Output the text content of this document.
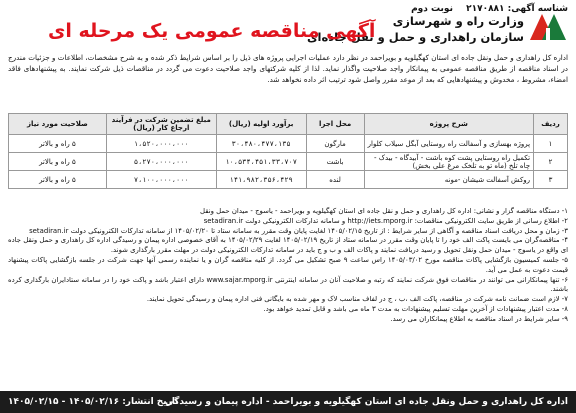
شناسه آگهی: ۲۱۷۰۸۸۱ نوبت دوم
وزارت راه و شهرسازی
سازمان راهداری و حمل و نقل جاده‌ای
آگهی مناقصه عمومی یک مرحله ای
اداره کل راهداری و حمل ونقل جاده ای استان کهگیلویه و بویراحمد در نظر دارد عملیات اجرایی پروژه های ذیل را بر اساس شرایط ذکر شده و به شرح مشخصات، اطلاعات و جزئیات مندرج در اسناد مناقصه از طریق مناقصه عمومی به پیمانکار واجد صلاحیت واگذار نماید. لذا از کلیه شرکتهای واجد صلاحیت دعوت می گردد در مناقصات ذیل شرکت نمایند. به پیشنهادهای فاقد امضاء، مشروط ، مخدوش و پیشنهادهایی که بعد از موعد مقرر واصل شود ترتیب اثر داده نخواهد شد.
ردیف	شرح پروژه	محل اجرا	برآورد اولیه (ریال)	مبلغ تضمین شرکت در فرآیند ارجاع کار (ریال)	صلاحیت مورد نیاز
۱	پروژه بهسازی و آسفالت راه روستایی آبگل سیلاب کلوار	مارگون	۳۰،۴۸۰،۴۷۷،۱۳۵	۱،۵۲۰،۰۰۰،۰۰۰	۵ راه و بالاتر
۲	تکمیل راه روستایی پشت کوه باشت - آبیدگاه - بیدک - چاه تلخ (ماه تو به تلخک مرغ علی بخش)	باشت	۱۰،۵۳۴،۴۵۱،۳۳،۷۰۷	۵،۲۷۰،۰۰۰،۰۰۰	۵ راه و بالاتر
۳	روکش آسفالت شیشان -مونه	لنده	۱۴۱،۹۸۲،۳۵۶،۴۲۹	۷،۱۰۰،۰۰۰،۰۰۰	۵ راه و بالاتر

۱- دستگاه مناقصه گزار و نشانی: اداره کل راهداری و حمل و نقل جاده ای استان کهگیلویه و بویراحمد - یاسوج - میدان حمل ونقل

۲- اطلاع رسانی از طریق سایت الکترونیکی مناقصات: http://iets.mporg.ir و سامانه تدارکات الکترونیکی دولت setadiran.ir

۳- زمان و محل دریافت اسناد مناقصه و آگاهی از سایر شرایط : از تاریخ ۱۴۰۵/۰۲/۱۵ لغایت پایان وقت مقرر به سامانه ستاد تا ۱۴۰۵/۰۲/۲۰ از سامانه تدارکات الکترونیکی دولت setadiran.ir

۴- مناقصه‌گران می بایست پاکت الف خود را تا پایان وقت مقرر در سامانه ستاد از تاریخ ۱۴۰۵/۰۲/۱۹ لغایت ۱۴۰۵/۰۲/۲۹ به آقای خصوصی اداره پیمان و رسیدگی اداره کل راهداری و حمل ونقل جاده ای واقع در یاسوج - میدان حمل ونقل تحویل و رسید دریافت نمایند و پاکات الف و ب و ج باید در سامانه تدارکات الکترونیکی دولت در مهلت مقرر بارگذاری شوند.

۵- جلسه کمیسیون بازگشایی پاکات مناقصه مورخ ۱۴۰۵/۰۳/۰۲ راس ساعت ۹ صبح تشکیل می گردد. از کلیه مناقصه گران و یا نماینده رسمی آنها جهت شرکت در جلسه بازگشایی پاکات پیشنهاد قیمت دعوت به عمل می آید.

۶- تنها پیمانکارانی می توانند در مناقصات فوق شرکت نمایند که رتبه و صلاحیت آنان در سامانه اینترنتی www.sajar.mporg.ir دارای اعتبار باشد و پاکت خود را در سامانه ستادایران بارگذاری کرده باشند.

۷- لازم است ضمانت نامه شرکت در مناقصه، پاکت الف ،ب ، ج در لفاف مناسب لاک و مهر شده به بایگانی فنی اداره پیمان و رسیدگی تحویل نمایند.

۸- مدت اعتبار پیشنهادات از آخرین مهلت تسلیم پیشنهادات به مدت ۳ ماه می باشد و قابل تمدید خواهد بود.

۹- سایر شرایط در اسناد مناقصه به اطلاع پیمانکاران می رسد.

اداره کل راهداری و حمل ونقل جاده ای استان کهگیلویه و بویراحمد - اداره پیمان و رسیدگی
تاریخ انتشار: ۱۴۰۵/۰۲/۱۶ - ۱۴۰۵/۰۲/۱۵
